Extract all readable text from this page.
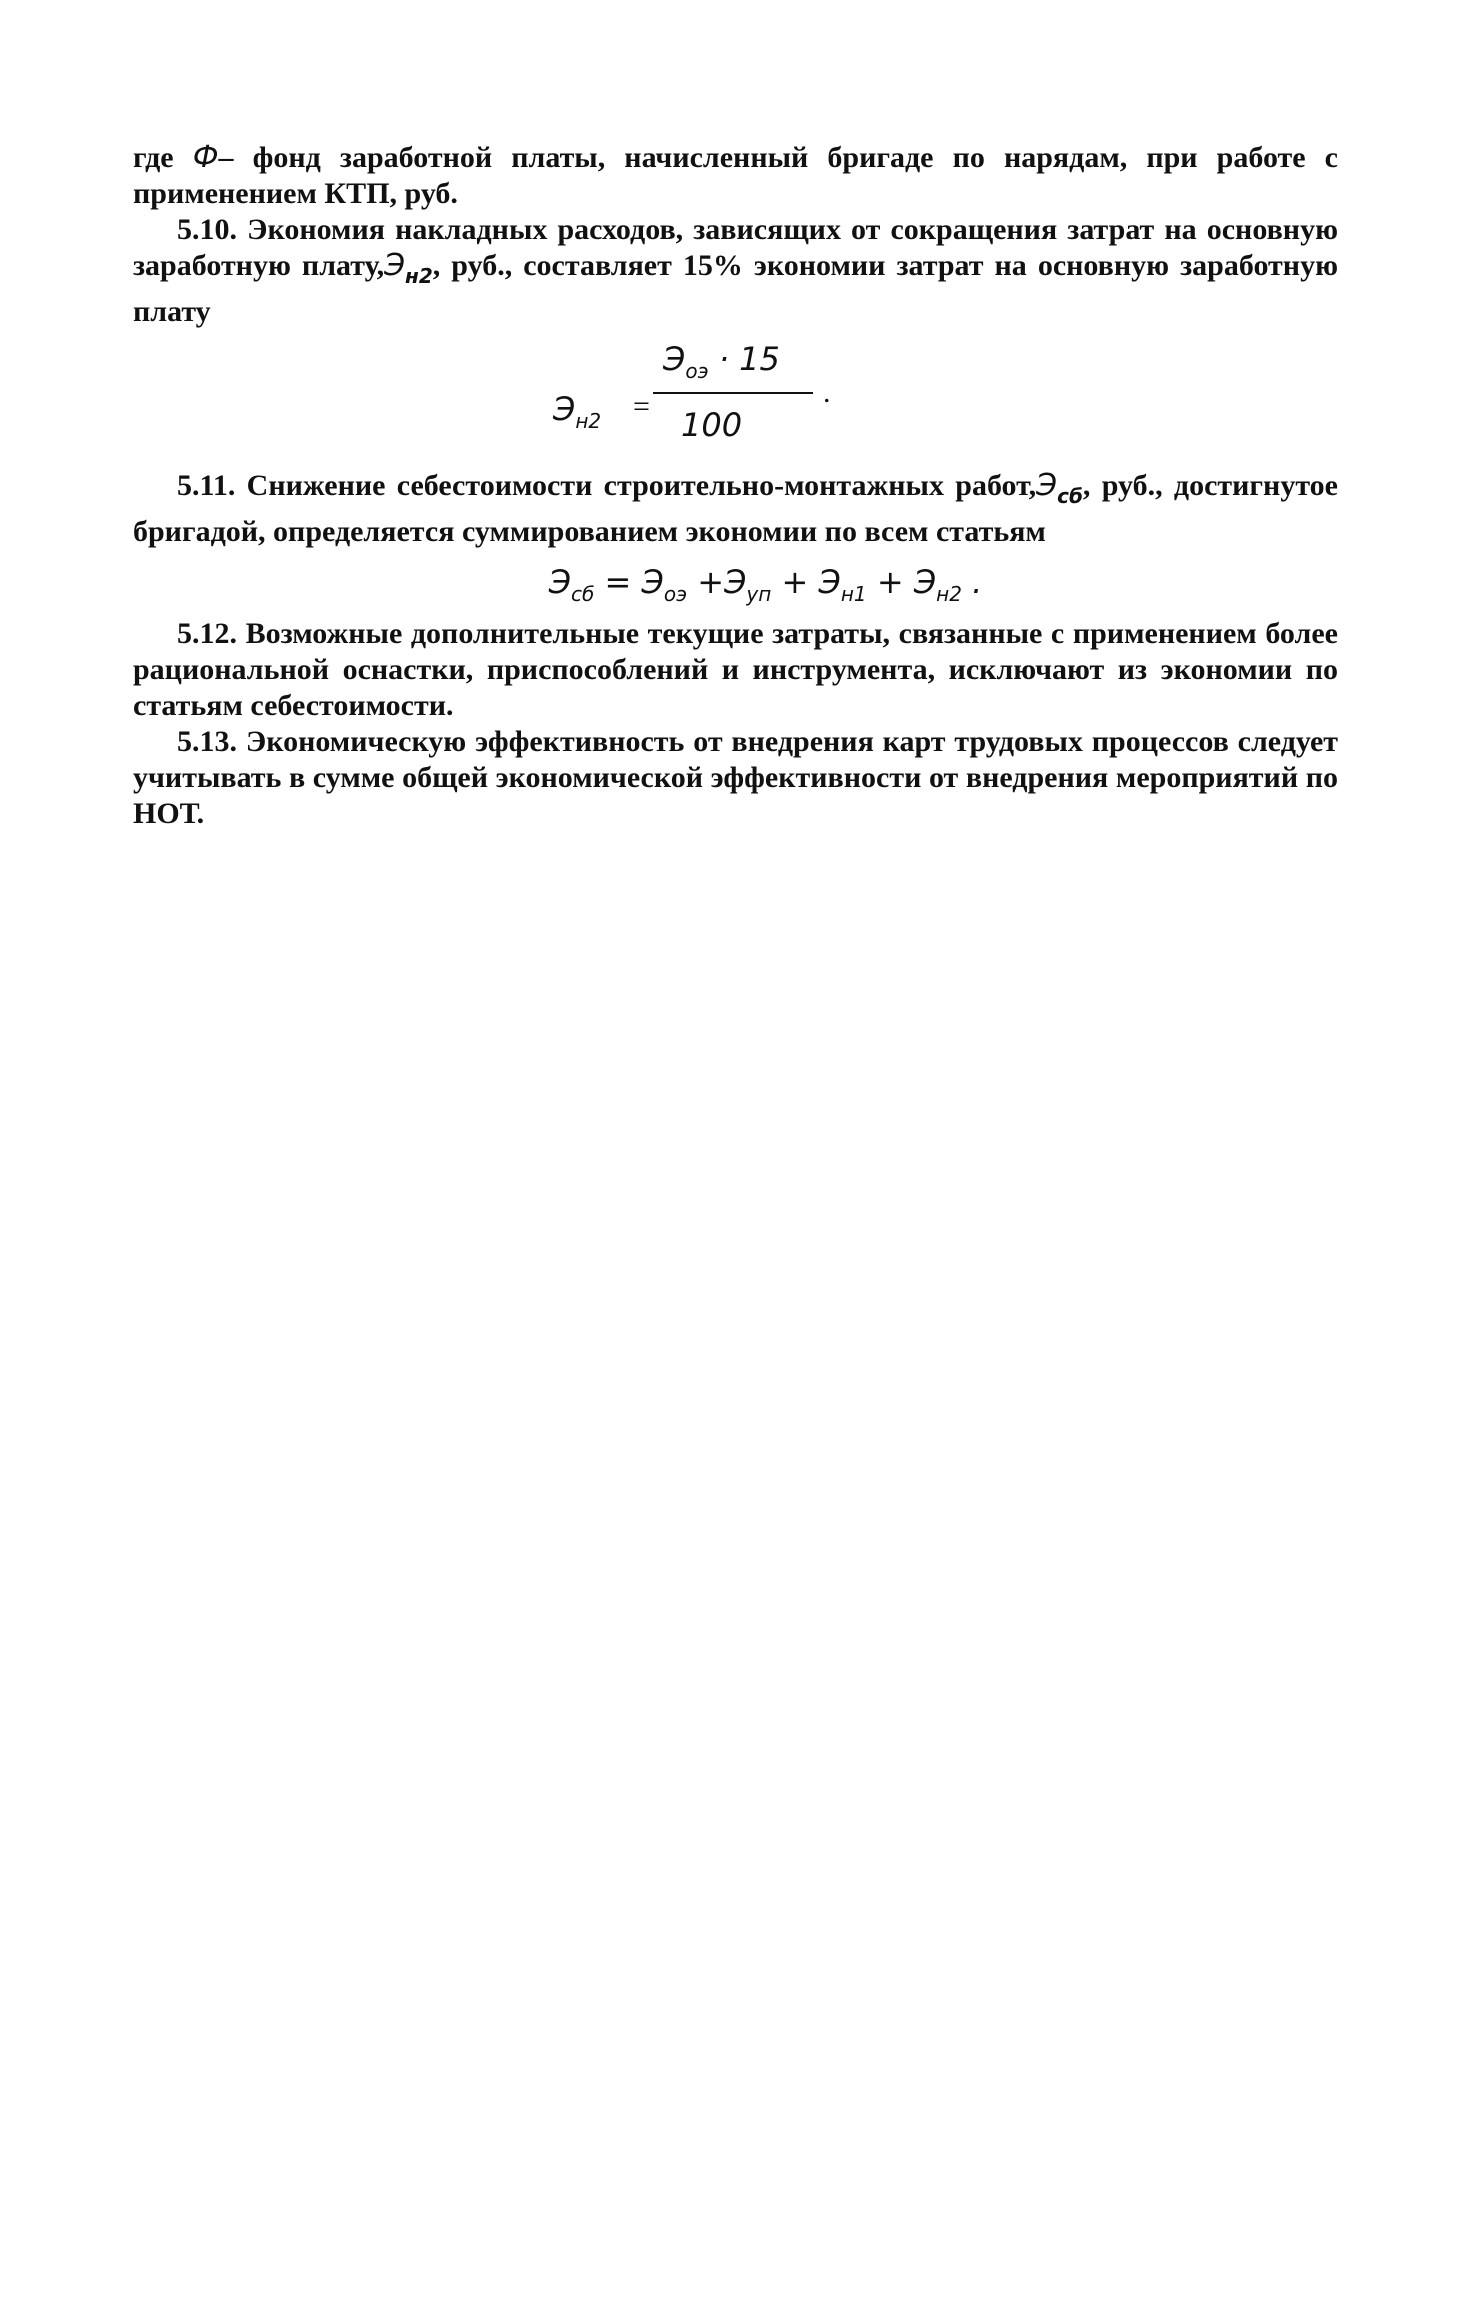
где Ф– фонд заработной платы, начисленный бригаде по нарядам, при работе с применением КТП, руб.

5.10. Экономия накладных расходов, зависящих от сокращения затрат на основную заработную $плату,Э_{н2}$, руб., составляет 15% экономии затрат на основную заработную плату

$Э_{н2}$ =
$Э_{оэ} \cdot 15$
100
.

5.11. Снижение себестоимости строительно-монтажных $работ,Э_{сб}$, руб., достигнутое бригадой, определяется суммированием экономии по всем статьям

$Э_{сб} = Э_{оэ} +Э_{уп} + Э_{н1} + Э_{н2}$ .

5.12. Возможные дополнительные текущие затраты, связанные с применением более рациональной оснастки, приспособлений и инструмента, исключают из экономии по статьям себестоимости.

5.13. Экономическую эффективность от внедрения карт трудовых процессов следует учитывать в сумме общей экономической эффективности от внедрения мероприятий по НОТ.
